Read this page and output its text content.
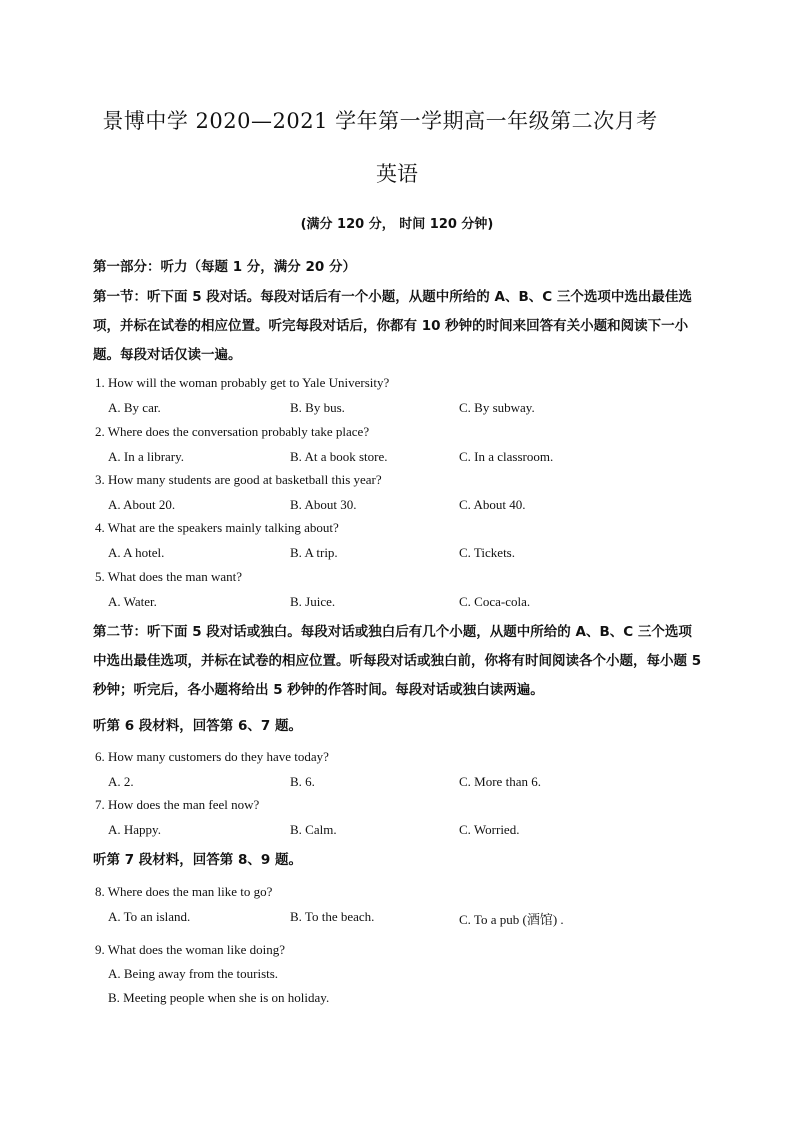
景博中学 2020—2021 学年第一学期高一年级第二次月考
英语
(满分 120 分， 时间 120 分钟)
第一部分：听力（每题 1 分，满分 20 分）
第一节：听下面 5 段对话。每段对话后有一个小题，从题中所给的 A、B、C 三个选项中选出最佳选项，并标在试卷的相应位置。听完每段对话后，你都有 10 秒钟的时间来回答有关小题和阅读下一小题。每段对话仅读一遍。
1. How will the woman probably get to Yale University?
A. By car.	B. By bus.	C. By subway.
2. Where does the conversation probably take place?
A. In a library.	B. At a book store.	C. In a classroom.
3. How many students are good at basketball this year?
A. About 20.	B. About 30.	C. About 40.
4. What are the speakers mainly talking about?
A. A hotel.	B. A trip.	C. Tickets.
5. What does the man want?
A. Water.	B. Juice.	C. Coca-cola.
第二节：听下面 5 段对话或独白。每段对话或独白后有几个小题，从题中所给的 A、B、C 三个选项中选出最佳选项，并标在试卷的相应位置。听每段对话或独白前，你将有时间阅读各个小题，每小题 5 秒钟；听完后，各小题将给出 5 秒钟的作答时间。每段对话或独白读两遍。
听第 6 段材料，回答第 6、7 题。
6. How many customers do they have today?
A. 2.	B. 6.	C. More than 6.
7. How does the man feel now?
A. Happy.	B. Calm.	C. Worried.
听第 7 段材料，回答第 8、9 题。
8. Where does the man like to go?
A. To an island.	B. To the beach.	C. To a pub (酒馆) .
9. What does the woman like doing?
A. Being away from the tourists.
B. Meeting people when she is on holiday.
